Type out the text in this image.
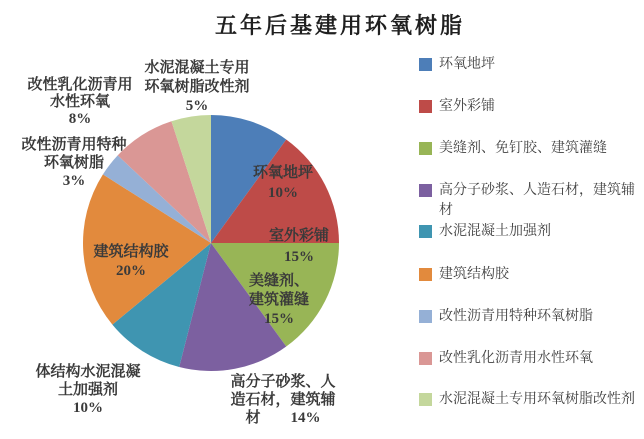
五年后基建用环氧树脂
环氧地坪
10%
室外彩铺
15%
美缝剂、
建筑灌缝
15%
高分子砂浆、人
造石材，建筑辅
材　　14%
体结构水泥混凝
土加强剂
10%
建筑结构胶
20%
改性沥青用特种
环氧树脂
3%
改性乳化沥青用
水性环氧
8%
水泥混凝土专用
环氧树脂改性剂
5%
环氧地坪
室外彩铺
美缝剂、免钉胶、建筑灌缝
高分子砂浆、人造石材，建筑辅材
水泥混凝土加强剂
建筑结构胶
改性沥青用特种环氧树脂
改性乳化沥青用水性环氧
水泥混凝土专用环氧树脂改性剂
